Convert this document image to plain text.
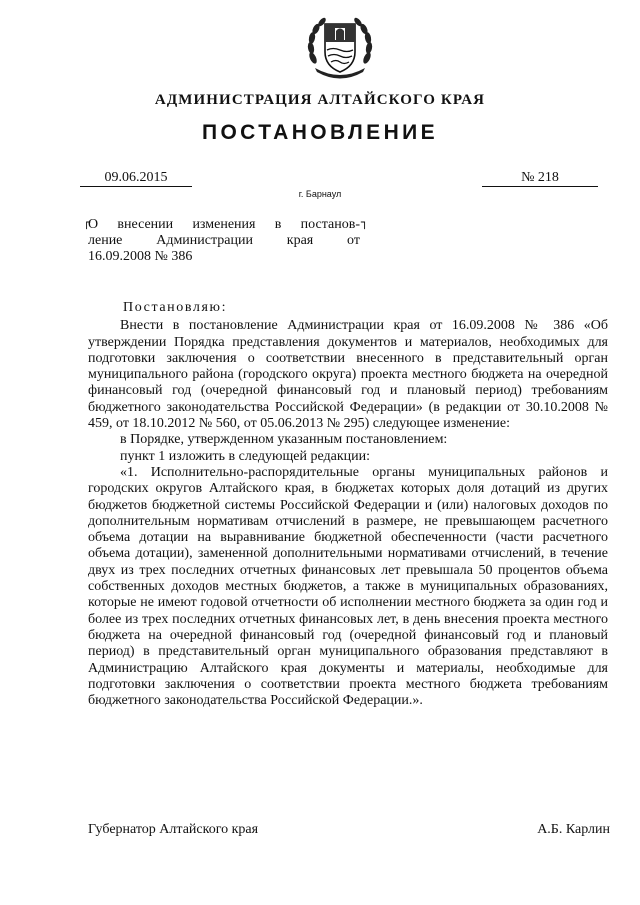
АДМИНИСТРАЦИЯ АЛТАЙСКОГО КРАЯ
ПОСТАНОВЛЕНИЕ
09.06.2015	№ 218
г. Барнаул
┌	┐
О внесении изменения в постанов-
ление Администрации края от
16.09.2008 № 386
Постановляю:

Внести в постановление Администрации края от 16.09.2008 № 386 «Об утверждении Порядка представления документов и материалов, необходимых для подготовки заключения о соответствии внесенного в представительный орган муниципального района (городского округа) проекта местного бюджета на очередной финансовый год (очередной финансовый год и плановый период) требованиям бюджетного законодательства Российской Федерации» (в редакции от 30.10.2008 № 459, от 18.10.2012 № 560, от 05.06.2013 № 295) следующее изменение:

в Порядке, утвержденном указанным постановлением:

пункт 1 изложить в следующей редакции:

«1. Исполнительно-распорядительные органы муниципальных районов и городских округов Алтайского края, в бюджетах которых доля дотаций из других бюджетов бюджетной системы Российской Федерации и (или) налоговых доходов по дополнительным нормативам отчислений в размере, не превышающем расчетного объема дотации на выравнивание бюджетной обеспеченности (части расчетного объема дотации), замененной дополнительными нормативами отчислений, в течение двух из трех последних отчетных финансовых лет превышала 50 процентов объема собственных доходов местных бюджетов, а также в муниципальных образованиях, которые не имеют годовой отчетности об исполнении местного бюджета за один год и более из трех последних отчетных финансовых лет, в день внесения проекта местного бюджета на очередной финансовый год (очередной финансовый год и плановый период) в представительный орган муниципального образования представляют в Администрацию Алтайского края документы и материалы, необходимые для подготовки заключения о соответствии проекта местного бюджета требованиям бюджетного законодательства Российской Федерации.».

Губернатор Алтайского края	А.Б. Карлин
